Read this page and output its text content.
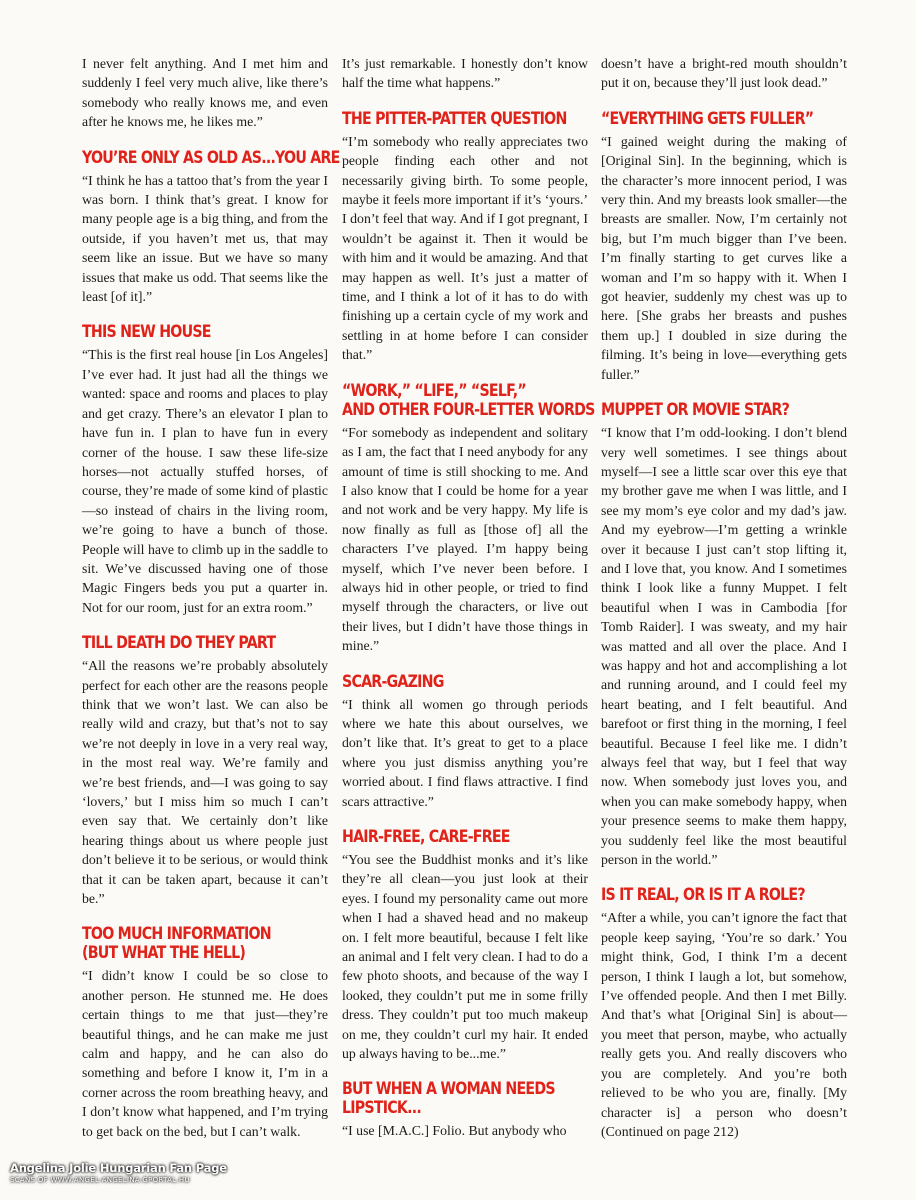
I never felt anything. And I met him and suddenly I feel very much alive, like there’s somebody who really knows me, and even after he knows me, he likes me.”

YOU’RE ONLY AS OLD AS...YOU ARE

“I think he has a tattoo that’s from the year I was born. I think that’s great. I know for many people age is a big thing, and from the outside, if you haven’t met us, that may seem like an issue. But we have so many issues that make us odd. That seems like the least [of it].”

THIS NEW HOUSE

“This is the first real house [in Los Angeles] I’ve ever had. It just had all the things we wanted: space and rooms and places to play and get crazy. There’s an elevator I plan to have fun in. I plan to have fun in every corner of the house. I saw these life-size horses—not actually stuffed horses, of course, they’re made of some kind of plastic—so instead of chairs in the living room, we’re going to have a bunch of those. People will have to climb up in the saddle to sit. We’ve discussed having one of those Magic Fingers beds you put a quarter in. Not for our room, just for an extra room.”

TILL DEATH DO THEY PART

“All the reasons we’re probably absolutely perfect for each other are the reasons people think that we won’t last. We can also be really wild and crazy, but that’s not to say we’re not deeply in love in a very real way, in the most real way. We’re family and we’re best friends, and—I was going to say ‘lovers,’ but I miss him so much I can’t even say that. We certainly don’t like hearing things about us where people just don’t believe it to be serious, or would think that it can be taken apart, because it can’t be.”

TOO MUCH INFORMATION
(BUT WHAT THE HELL)

“I didn’t know I could be so close to another person. He stunned me. He does certain things to me that just—they’re beautiful things, and he can make me just calm and happy, and he can also do something and before I know it, I’m in a corner across the room breathing heavy, and I don’t know what happened, and I’m trying to get back on the bed, but I can’t walk.

It’s just remarkable. I honestly don’t know half the time what happens.”

THE PITTER-PATTER QUESTION

“I’m somebody who really appreciates two people finding each other and not necessarily giving birth. To some people, maybe it feels more important if it’s ‘yours.’ I don’t feel that way. And if I got pregnant, I wouldn’t be against it. Then it would be with him and it would be amazing. And that may happen as well. It’s just a matter of time, and I think a lot of it has to do with finishing up a certain cycle of my work and settling in at home before I can consider that.”

“WORK,” “LIFE,” “SELF,”
AND OTHER FOUR-LETTER WORDS

“For somebody as independent and solitary as I am, the fact that I need anybody for any amount of time is still shocking to me. And I also know that I could be home for a year and not work and be very happy. My life is now finally as full as [those of] all the characters I’ve played. I’m happy being myself, which I’ve never been before. I always hid in other people, or tried to find myself through the characters, or live out their lives, but I didn’t have those things in mine.”

SCAR-GAZING

“I think all women go through periods where we hate this about ourselves, we don’t like that. It’s great to get to a place where you just dismiss anything you’re worried about. I find flaws attractive. I find scars attractive.”

HAIR-FREE, CARE-FREE

“You see the Buddhist monks and it’s like they’re all clean—you just look at their eyes. I found my personality came out more when I had a shaved head and no makeup on. I felt more beautiful, because I felt like an animal and I felt very clean. I had to do a few photo shoots, and because of the way I looked, they couldn’t put me in some frilly dress. They couldn’t put too much makeup on me, they couldn’t curl my hair. It ended up always having to be...me.”

BUT WHEN A WOMAN NEEDS
LIPSTICK...

“I use [M.A.C.] Folio. But anybody who

doesn’t have a bright-red mouth shouldn’t put it on, because they’ll just look dead.”

“EVERYTHING GETS FULLER”

“I gained weight during the making of [Original Sin]. In the beginning, which is the character’s more innocent period, I was very thin. And my breasts look smaller—the breasts are smaller. Now, I’m certainly not big, but I’m much bigger than I’ve been. I’m finally starting to get curves like a woman and I’m so happy with it. When I got heavier, suddenly my chest was up to here. [She grabs her breasts and pushes them up.] I doubled in size during the filming. It’s being in love—everything gets fuller.”

MUPPET OR MOVIE STAR?

“I know that I’m odd-looking. I don’t blend very well sometimes. I see things about myself—I see a little scar over this eye that my brother gave me when I was little, and I see my mom’s eye color and my dad’s jaw. And my eyebrow—I’m getting a wrinkle over it because I just can’t stop lifting it, and I love that, you know. And I sometimes think I look like a funny Muppet. I felt beautiful when I was in Cambodia [for Tomb Raider]. I was sweaty, and my hair was matted and all over the place. And I was happy and hot and accomplishing a lot and running around, and I could feel my heart beating, and I felt beautiful. And barefoot or first thing in the morning, I feel beautiful. Because I feel like me. I didn’t always feel that way, but I feel that way now. When somebody just loves you, and when you can make somebody happy, when your presence seems to make them happy, you suddenly feel like the most beautiful person in the world.”

IS IT REAL, OR IS IT A ROLE?

“After a while, you can’t ignore the fact that people keep saying, ‘You’re so dark.’ You might think, God, I think I’m a decent person, I think I laugh a lot, but somehow, I’ve offended people. And then I met Billy. And that’s what [Original Sin] is about—you meet that person, maybe, who actually really gets you. And really discovers who you are completely. And you’re both relieved to be who you are, finally. [My character is] a person who doesn’t (Continued on page 212)

Angelina Jolie Hungarian Fan Page
SCANS OF WWW.ANGEL-ANGELINA.GPORTAL.HU
